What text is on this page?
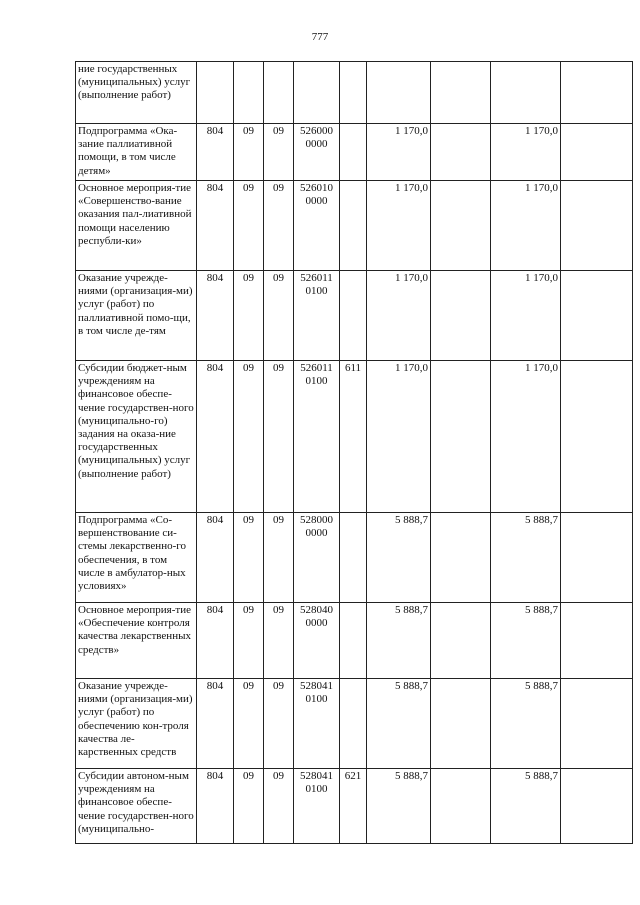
777
ние государственных (муниципальных) услуг (выполнение работ)									
Подпрограмма «Ока-зание паллиативной помощи, в том числе детям»	804	09	09	526000 0000		1 170,0		1 170,0	
Основное мероприя-тие «Совершенство-вание оказания пал-лиативной помощи населению республи-ки»	804	09	09	526010 0000		1 170,0		1 170,0	
Оказание учрежде-ниями (организация-ми) услуг (работ) по паллиативной помо-щи, в том числе де-тям	804	09	09	526011 0100		1 170,0		1 170,0	
Субсидии бюджет-ным учреждениям на финансовое обеспе-чение государствен-ного (муниципально-го) задания на оказа-ние государственных (муниципальных) услуг (выполнение работ)	804	09	09	526011 0100	611	1 170,0		1 170,0	
Подпрограмма «Со-вершенствование си-стемы лекарственно-го обеспечения, в том числе в амбулатор-ных условиях»	804	09	09	528000 0000		5 888,7		5 888,7	
Основное мероприя-тие «Обеспечение контроля качества лекарственных средств»	804	09	09	528040 0000		5 888,7		5 888,7	
Оказание учрежде-ниями (организация-ми) услуг (работ) по обеспечению кон-троля качества ле-карственных средств	804	09	09	528041 0100		5 888,7		5 888,7	
Субсидии автоном-ным учреждениям на финансовое обеспе-чение государствен-ного (муниципально-	804	09	09	528041 0100	621	5 888,7		5 888,7	
